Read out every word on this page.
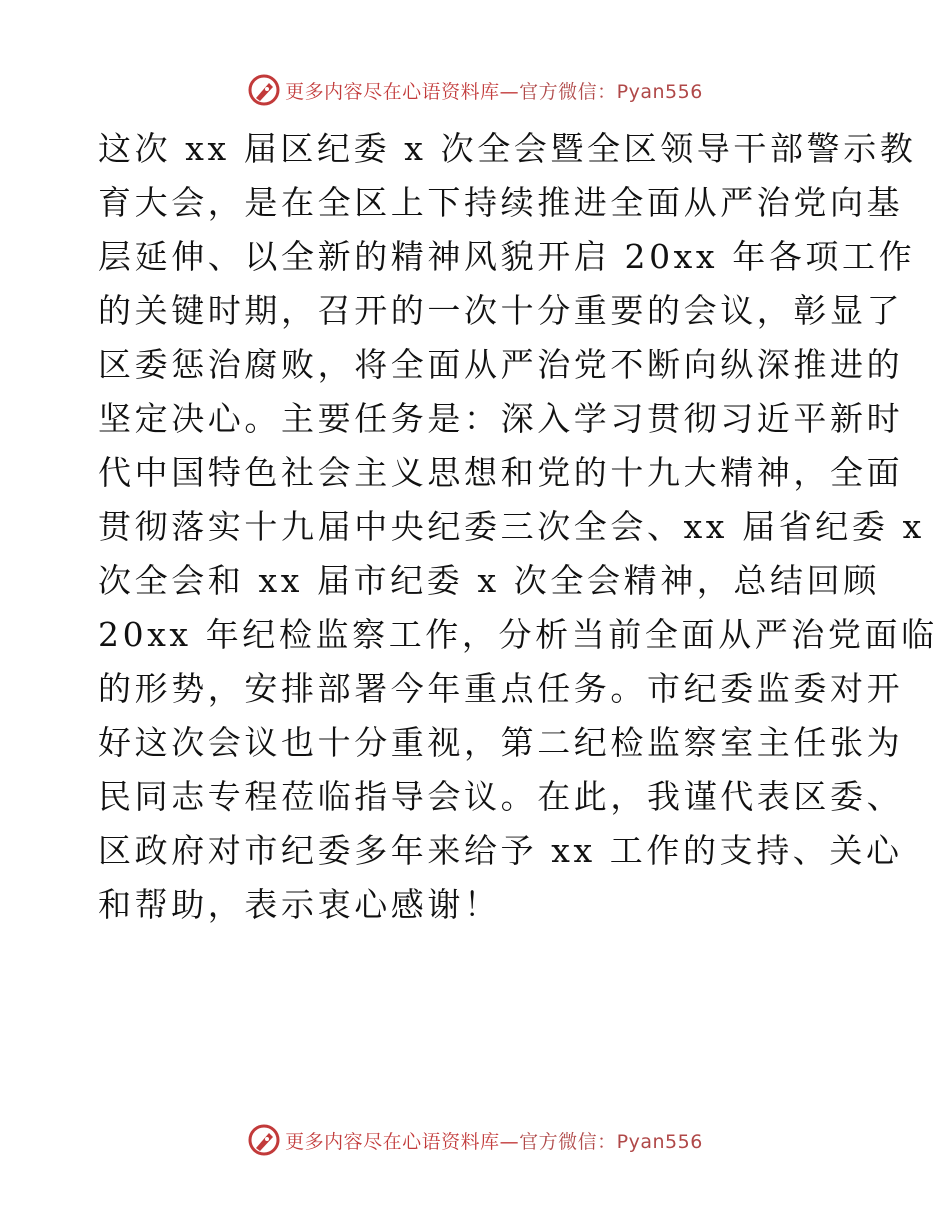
更多内容尽在心语资料库—官方微信：Pyan556
这次 xx 届区纪委 x 次全会暨全区领导干部警示教
育大会，是在全区上下持续推进全面从严治党向基
层延伸、以全新的精神风貌开启 20xx 年各项工作
的关键时期，召开的一次十分重要的会议，彰显了
区委惩治腐败，将全面从严治党不断向纵深推进的
坚定决心。主要任务是：深入学习贯彻习近平新时
代中国特色社会主义思想和党的十九大精神，全面
贯彻落实十九届中央纪委三次全会、xx 届省纪委 x
次全会和 xx 届市纪委 x 次全会精神，总结回顾
20xx 年纪检监察工作，分析当前全面从严治党面临
的形势，安排部署今年重点任务。市纪委监委对开
好这次会议也十分重视，第二纪检监察室主任张为
民同志专程莅临指导会议。在此，我谨代表区委、
区政府对市纪委多年来给予 xx 工作的支持、关心
和帮助，表示衷心感谢！
更多内容尽在心语资料库—官方微信：Pyan556
